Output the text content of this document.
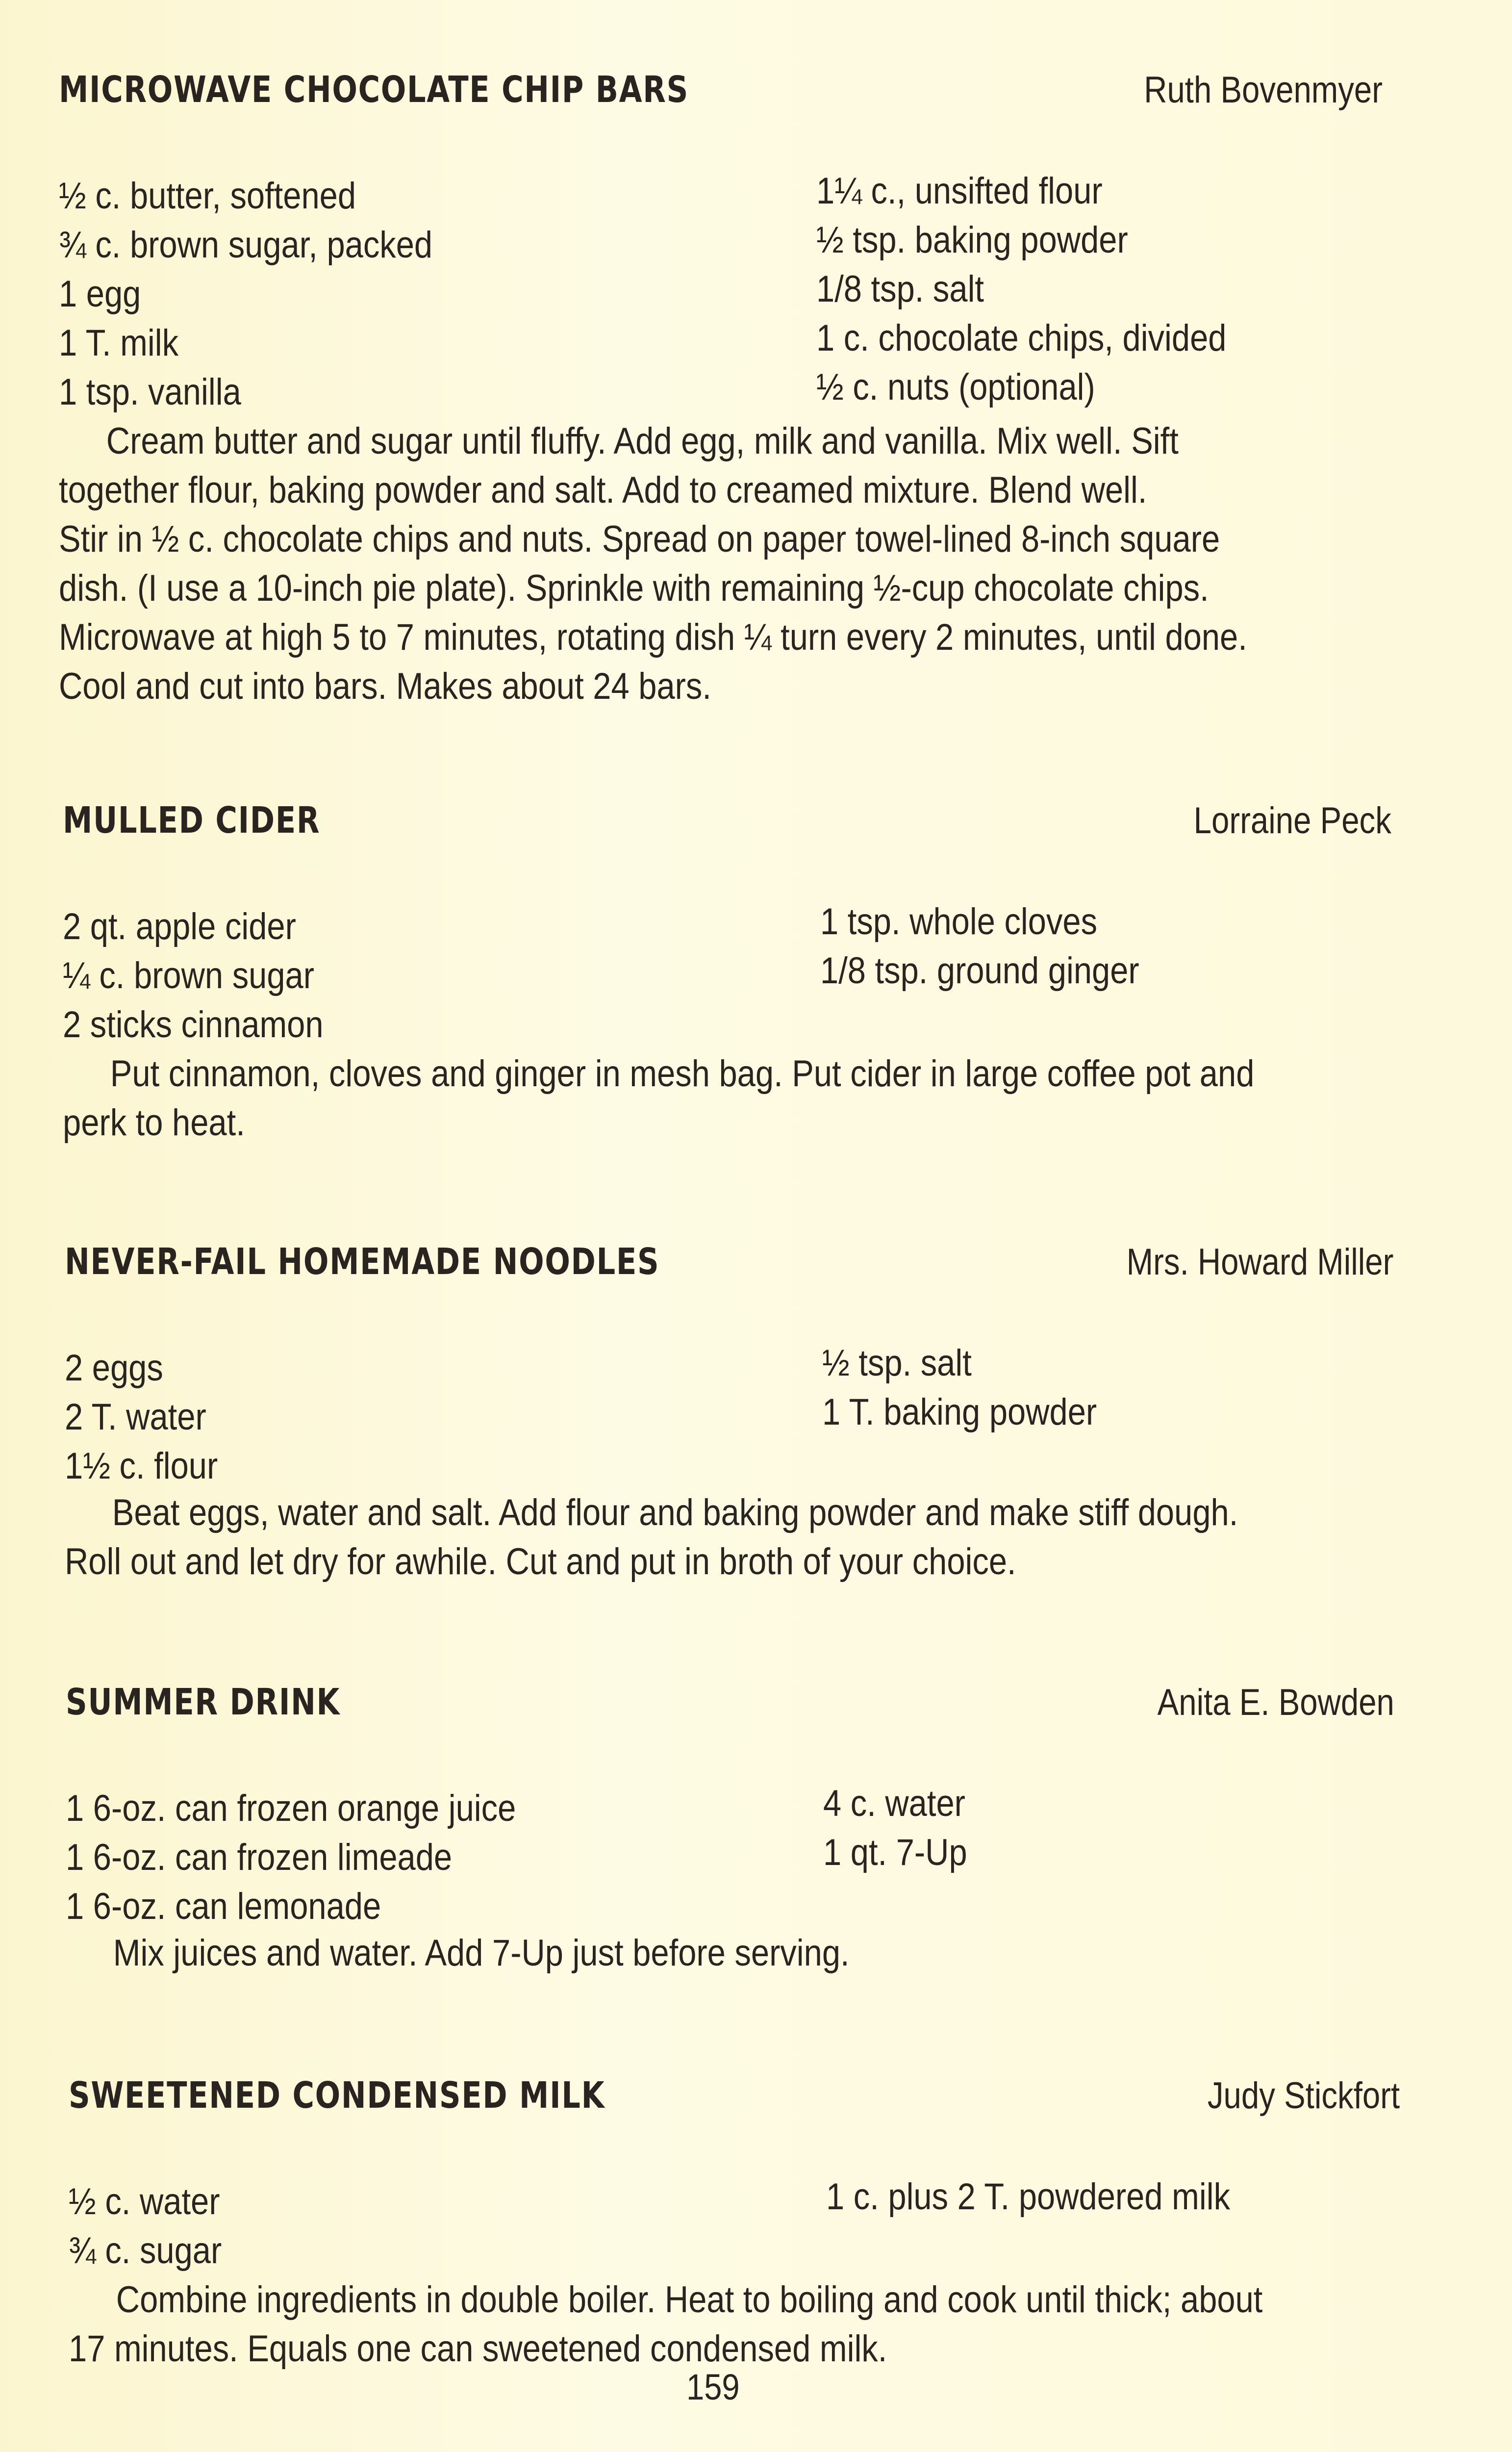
MICROWAVE CHOCOLATE CHIP BARS	Ruth Bovenmyer
½ c. butter, softened
¾ c. brown sugar, packed
1 egg
1 T. milk
1 tsp. vanilla
1¼ c., unsifted flour
½ tsp. baking powder
1/8 tsp. salt
1 c. chocolate chips, divided
½ c. nuts (optional)
Cream butter and sugar until fluffy. Add egg, milk and vanilla. Mix well. Sift
together flour, baking powder and salt. Add to creamed mixture. Blend well.
Stir in ½ c. chocolate chips and nuts. Spread on paper towel-lined 8-inch square
dish. (I use a 10-inch pie plate). Sprinkle with remaining ½-cup chocolate chips.
Microwave at high 5 to 7 minutes, rotating dish ¼ turn every 2 minutes, until done.
Cool and cut into bars. Makes about 24 bars.
MULLED CIDER	Lorraine Peck
2 qt. apple cider
¼ c. brown sugar
2 sticks cinnamon
1 tsp. whole cloves
1/8 tsp. ground ginger
Put cinnamon, cloves and ginger in mesh bag. Put cider in large coffee pot and
perk to heat.
NEVER-FAIL HOMEMADE NOODLES	Mrs. Howard Miller
2 eggs
2 T. water
1½ c. flour
½ tsp. salt
1 T. baking powder
Beat eggs, water and salt. Add flour and baking powder and make stiff dough.
Roll out and let dry for awhile. Cut and put in broth of your choice.
SUMMER DRINK	Anita E. Bowden
1 6-oz. can frozen orange juice
1 6-oz. can frozen limeade
1 6-oz. can lemonade
4 c. water
1 qt. 7-Up
Mix juices and water. Add 7-Up just before serving.
SWEETENED CONDENSED MILK	Judy Stickfort
½ c. water
¾ c. sugar
1 c. plus 2 T. powdered milk
Combine ingredients in double boiler. Heat to boiling and cook until thick; about
17 minutes. Equals one can sweetened condensed milk.
159
